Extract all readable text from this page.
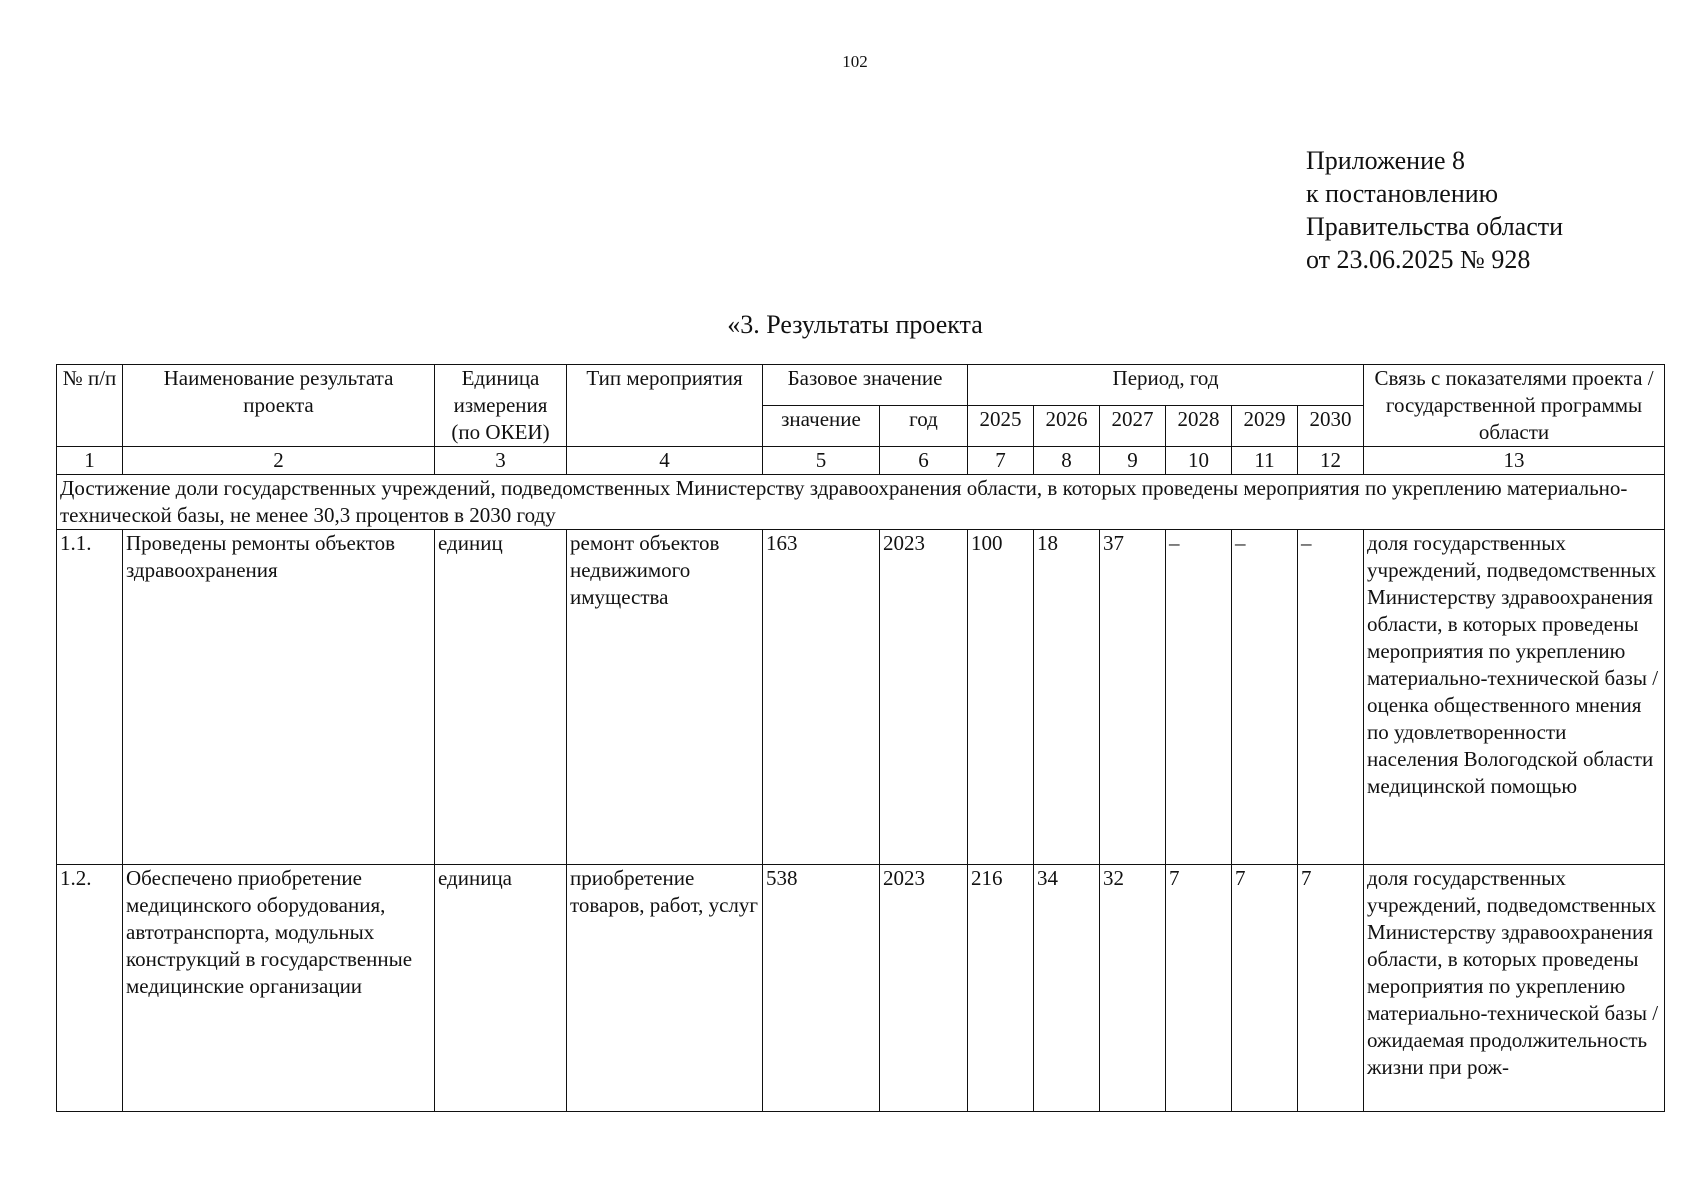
102
Приложение 8
к постановлению
Правительства области
от 23.06.2025 № 928
«3. Результаты проекта
№ п/п	Наименование результата проекта	Единица измерения (по ОКЕИ)	Тип мероприятия	Базовое значение		Период, год						Связь с показателями проекта / государственной программы области
				значение	год	2025	2026	2027	2028	2029	2030	
1	2	3	4	5	6	7	8	9	10	11	12	13
Достижение доли государственных учреждений, подведомственных Министерству здравоохранения области, в которых проведены мероприятия по укреплению материально-технической базы, не менее 30,3 процентов в 2030 году												
1.1.	Проведены ремонты объектов здравоохранения	единиц	ремонт объектов недвижимого имущества	163	2023	100	18	37	–	–	–	доля государственных учреждений, подведомственных Министерству здравоохранения области, в которых проведены мероприятия по укреплению материально-технической базы / оценка общественного мнения по удовлетворенности населения Вологодской области медицинской помощью
1.2.	Обеспечено приобретение медицинского оборудования, автотранспорта, модульных конструкций в государственные медицинские организации	единица	приобретение товаров, работ, услуг	538	2023	216	34	32	7	7	7	доля государственных учреждений, подведомственных Министерству здравоохранения области, в которых проведены мероприятия по укреплению материально-технической базы / ожидаемая продолжительность жизни при рож-
